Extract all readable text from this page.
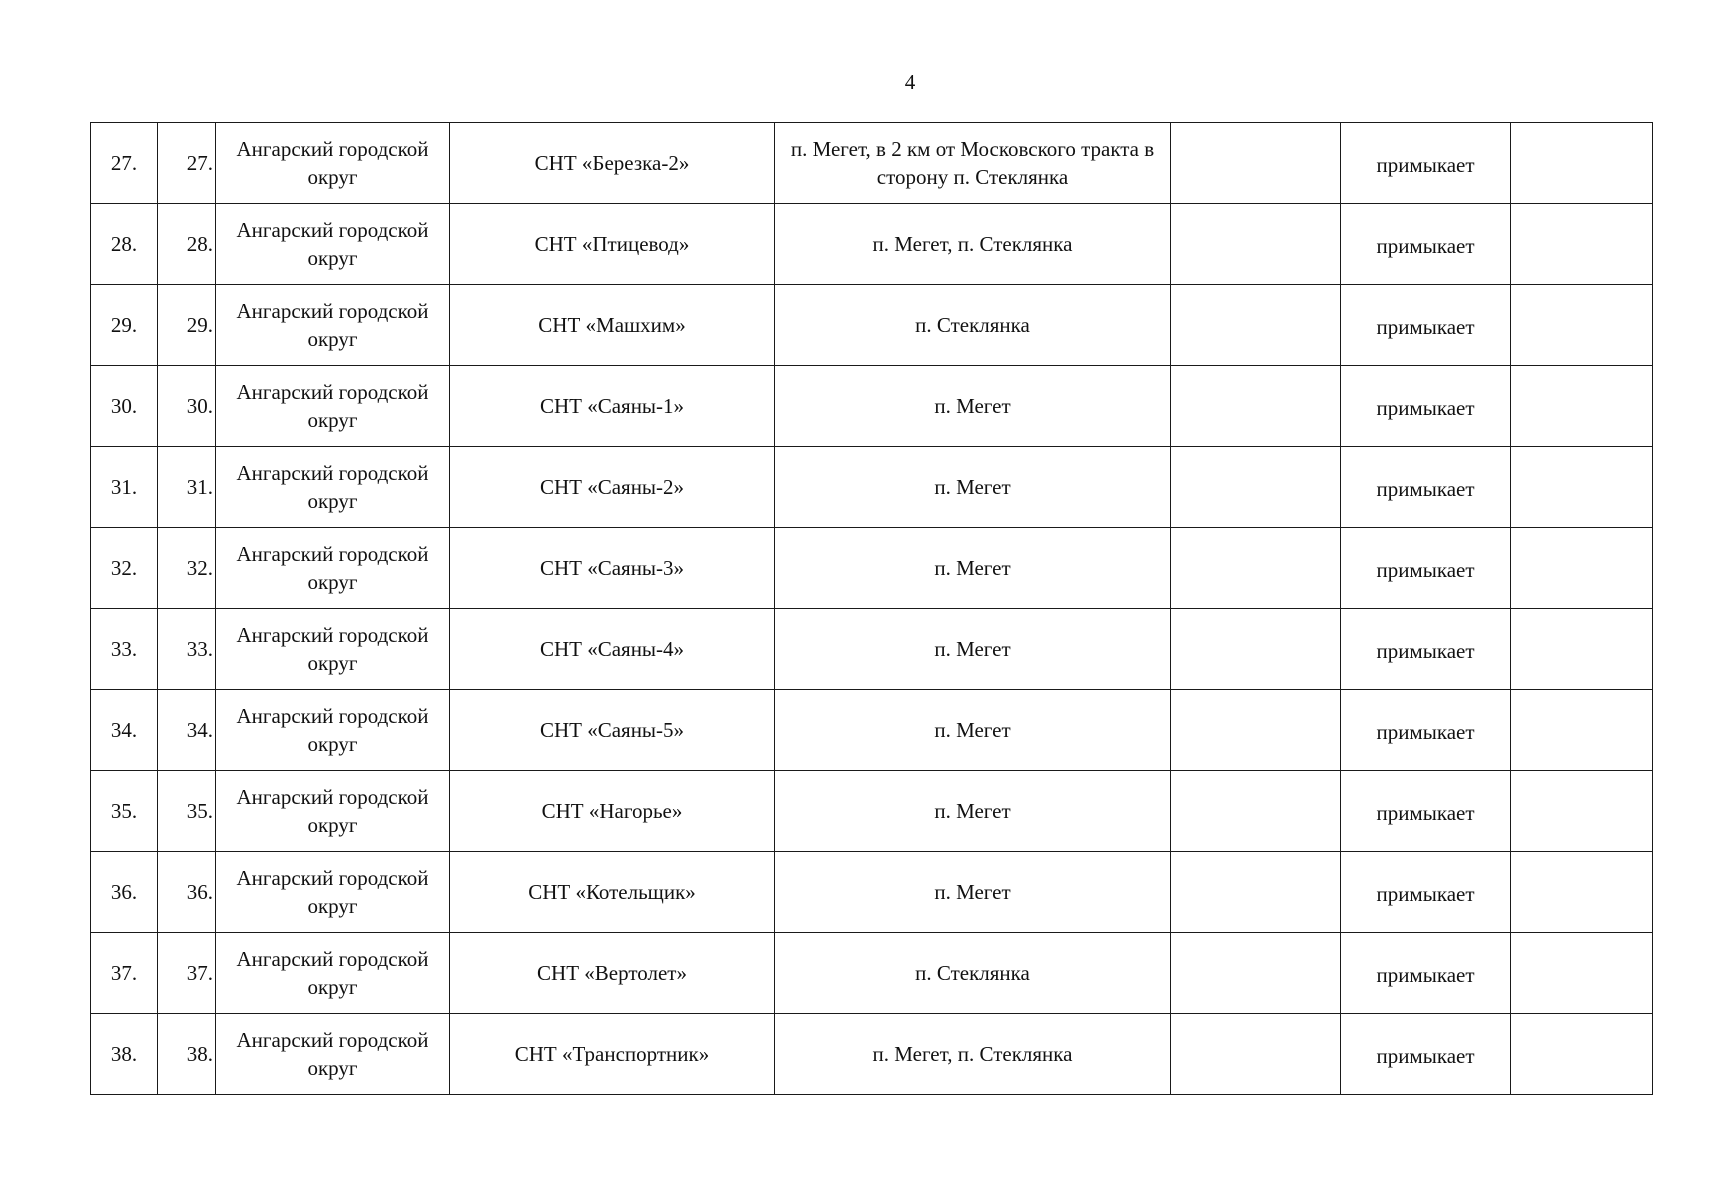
4
27.	27.	Ангарский городской округ	СНТ «Березка-2»	п. Мегет, в 2 км от Московского тракта в сторону п. Стеклянка		примыкает	
28.	28.	Ангарский городской округ	СНТ «Птицевод»	п. Мегет, п. Стеклянка		примыкает	
29.	29.	Ангарский городской округ	СНТ «Машхим»	п. Стеклянка		примыкает	
30.	30.	Ангарский городской округ	СНТ «Саяны-1»	п. Мегет		примыкает	
31.	31.	Ангарский городской округ	СНТ «Саяны-2»	п. Мегет		примыкает	
32.	32.	Ангарский городской округ	СНТ «Саяны-3»	п. Мегет		примыкает	
33.	33.	Ангарский городской округ	СНТ «Саяны-4»	п. Мегет		примыкает	
34.	34.	Ангарский городской округ	СНТ «Саяны-5»	п. Мегет		примыкает	
35.	35.	Ангарский городской округ	СНТ «Нагорье»	п. Мегет		примыкает	
36.	36.	Ангарский городской округ	СНТ «Котельщик»	п. Мегет		примыкает	
37.	37.	Ангарский городской округ	СНТ «Вертолет»	п. Стеклянка		примыкает	
38.	38.	Ангарский городской округ	СНТ «Транспортник»	п. Мегет, п. Стеклянка		примыкает	
